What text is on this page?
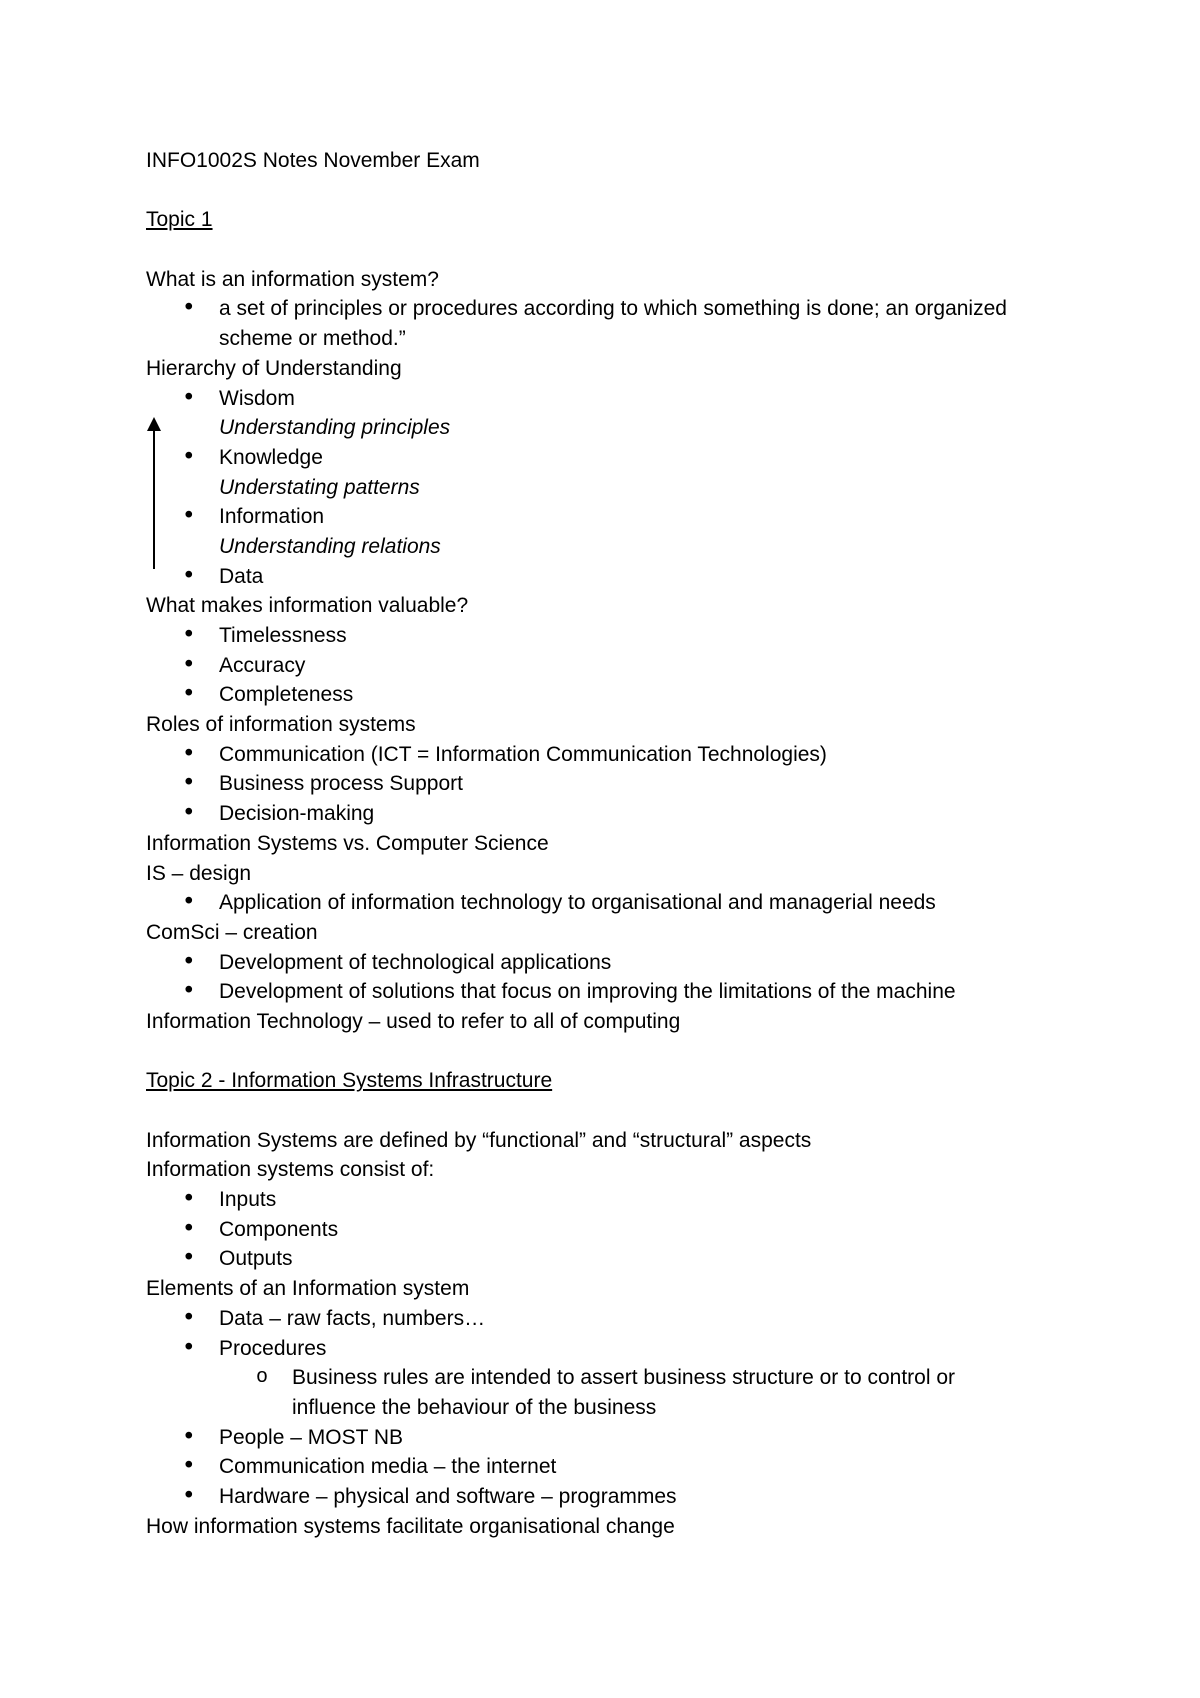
INFO1002S Notes November Exam
Topic 1
What is an information system?
• a set of principles or procedures according to which something is done; an organized
scheme or method.”
Hierarchy of Understanding
• Wisdom
Understanding principles
• Knowledge
Understating patterns
• Information
Understanding relations
• Data
What makes information valuable?
• Timelessness
• Accuracy
• Completeness
Roles of information systems
• Communication (ICT = Information Communication Technologies)
• Business process Support
• Decision-making
Information Systems vs. Computer Science
IS – design
• Application of information technology to organisational and managerial needs
ComSci – creation
• Development of technological applications
• Development of solutions that focus on improving the limitations of the machine
Information Technology – used to refer to all of computing
Topic 2 - Information Systems Infrastructure
Information Systems are defined by “functional” and “structural” aspects
Information systems consist of:
• Inputs
• Components
• Outputs
Elements of an Information system
• Data – raw facts, numbers…
• Procedures
o Business rules are intended to assert business structure or to control or
influence the behaviour of the business
• People – MOST NB
• Communication media – the internet
• Hardware – physical and software – programmes
How information systems facilitate organisational change
